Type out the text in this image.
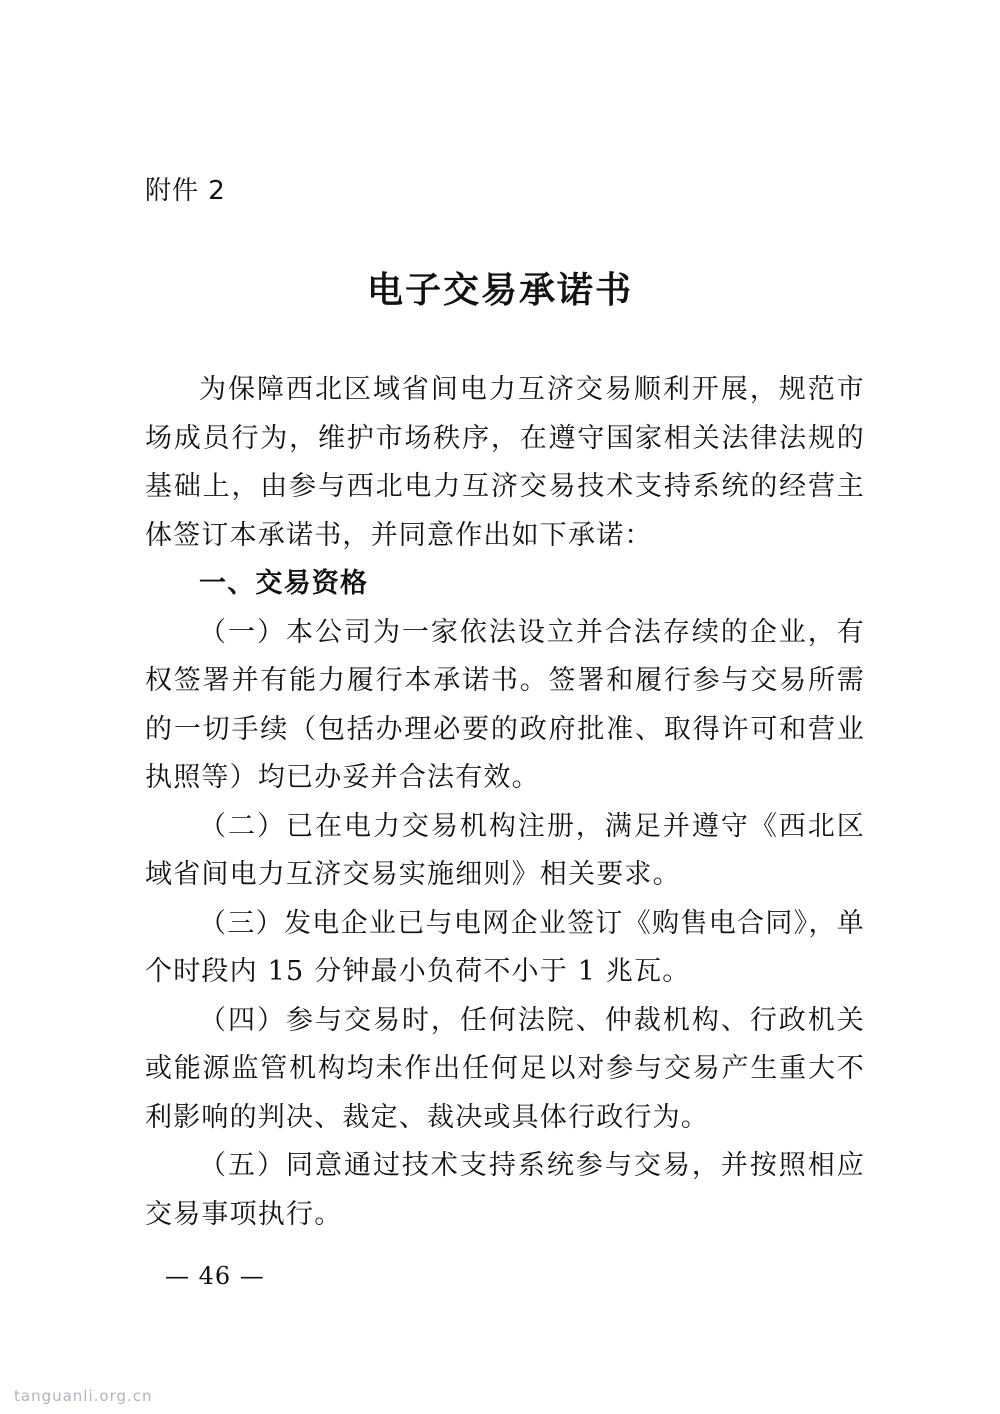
附件 2
电子交易承诺书

为保障西北区域省间电力互济交易顺利开展，规范市场成员行为，维护市场秩序，在遵守国家相关法律法规的基础上，由参与西北电力互济交易技术支持系统的经营主体签订本承诺书，并同意作出如下承诺：

一、交易资格

（一）本公司为一家依法设立并合法存续的企业，有权签署并有能力履行本承诺书。签署和履行参与交易所需的一切手续（包括办理必要的政府批准、取得许可和营业执照等）均已办妥并合法有效。

（二）已在电力交易机构注册，满足并遵守《西北区域省间电力互济交易实施细则》相关要求。

（三）发电企业已与电网企业签订《购售电合同》，单个时段内 15 分钟最小负荷不小于 1 兆瓦。

（四）参与交易时，任何法院、仲裁机构、行政机关或能源监管机构均未作出任何足以对参与交易产生重大不利影响的判决、裁定、裁决或具体行政行为。

（五）同意通过技术支持系统参与交易，并按照相应交易事项执行。

— 46 —
tanguanli.org.cn
